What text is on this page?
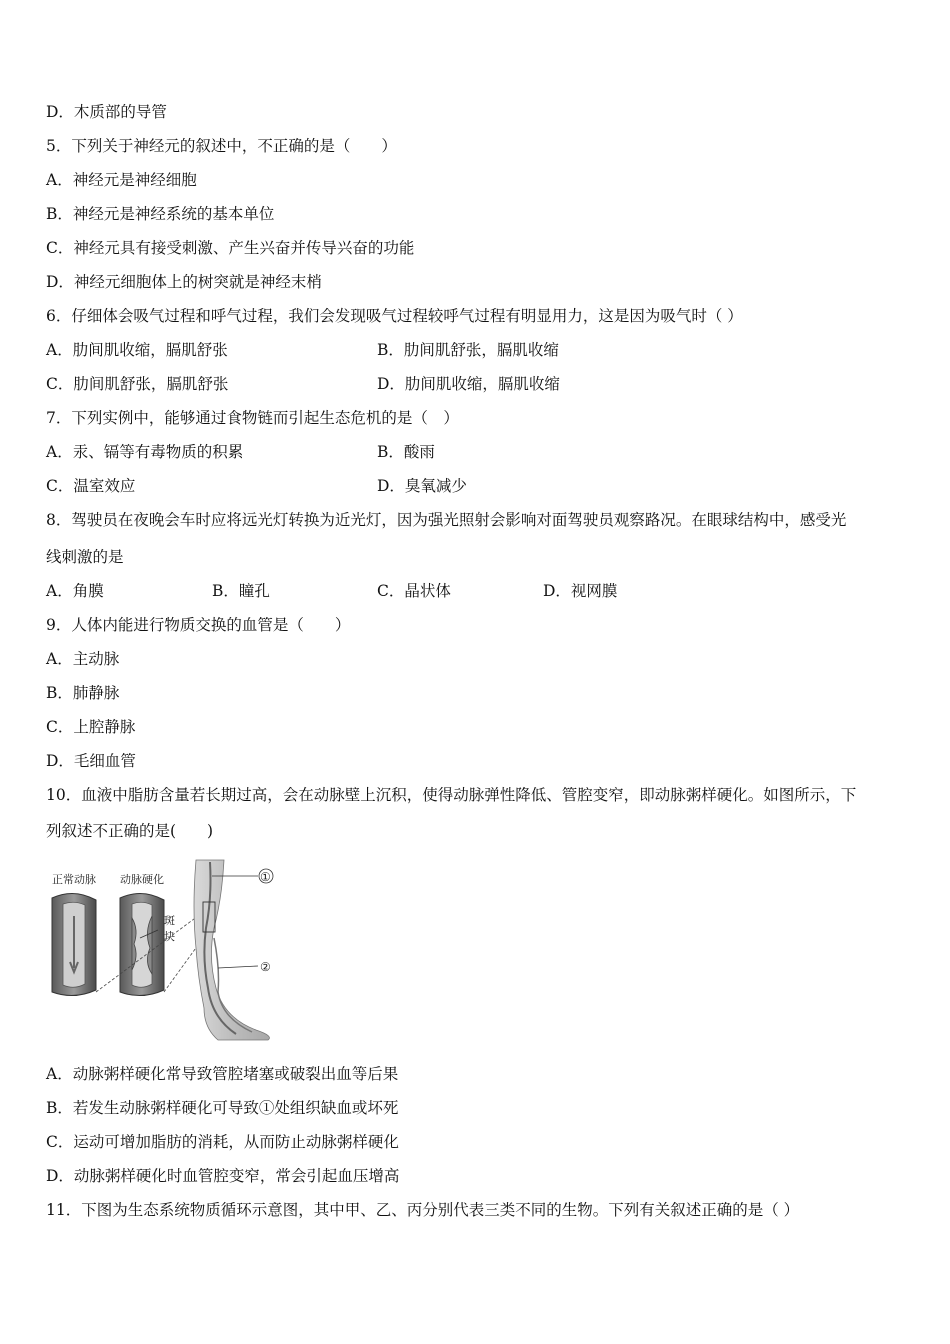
D．木质部的导管
5．下列关于神经元的叙述中，不正确的是（　　）
A．神经元是神经细胞
B．神经元是神经系统的基本单位
C．神经元具有接受刺激、产生兴奋并传导兴奋的功能
D．神经元细胞体上的树突就是神经末梢
6．仔细体会吸气过程和呼气过程，我们会发现吸气过程较呼气过程有明显用力，这是因为吸气时（ ）
A．肋间肌收缩，膈肌舒张	B．肋间肌舒张，膈肌收缩
C．肋间肌舒张，膈肌舒张	D．肋间肌收缩，膈肌收缩
7．下列实例中，能够通过食物链而引起生态危机的是（　）
A．汞、镉等有毒物质的积累	B．酸雨
C．温室效应	D．臭氧减少
8．驾驶员在夜晚会车时应将远光灯转换为近光灯，因为强光照射会影响对面驾驶员观察路况。在眼球结构中，感受光
线刺激的是
A．角膜	B．瞳孔	C．晶状体	D．视网膜
9．人体内能进行物质交换的血管是（　　）
A．主动脉
B．肺静脉
C．上腔静脉
D．毛细血管
10．血液中脂肪含量若长期过高，会在动脉壁上沉积，使得动脉弹性降低、管腔变窄，即动脉粥样硬化。如图所示，下
列叙述不正确的是(　　)
正常动脉 动脉硬化
斑
块
①
②
A．动脉粥样硬化常导致管腔堵塞或破裂出血等后果
B．若发生动脉粥样硬化可导致①处组织缺血或坏死
C．运动可增加脂肪的消耗，从而防止动脉粥样硬化
D．动脉粥样硬化时血管腔变窄，常会引起血压增高
11．下图为生态系统物质循环示意图，其中甲、乙、丙分别代表三类不同的生物。下列有关叙述正确的是（ ）
